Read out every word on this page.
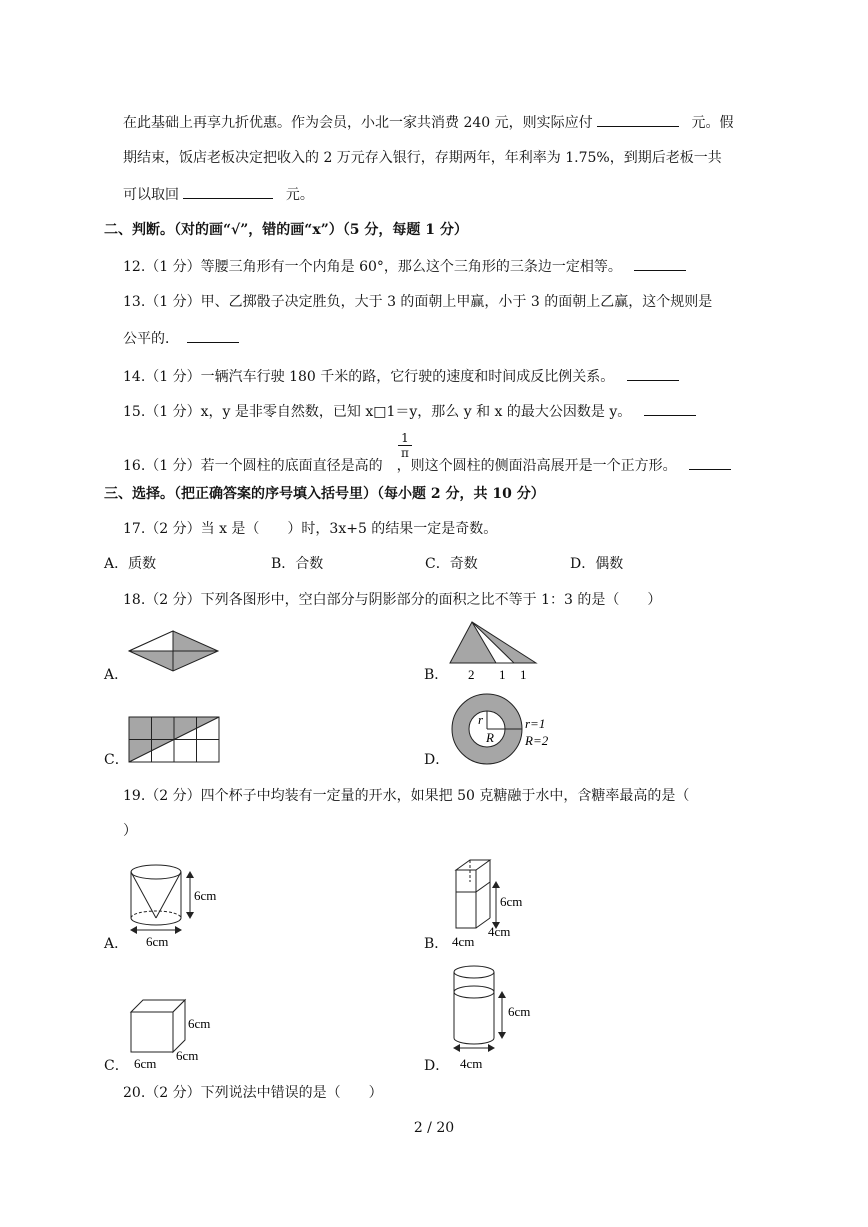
在此基础上再享九折优惠。作为会员，小北一家共消费 240 元，则实际应付	元。假
期结束，饭店老板决定把收入的 2 万元存入银行，存期两年，年利率为 1.75%，到期后老板一共
可以取回	元。
二、判断。（对的画“√”，错的画“x”）（5 分，每题 1 分）
12.（1 分）等腰三角形有一个内角是 60°，那么这个三角形的三条边一定相等。
13.（1 分）甲、乙掷骰子决定胜负，大于 3 的面朝上甲赢，小于 3 的面朝上乙赢，这个规则是
公平的．
14.（1 分）一辆汽车行驶 180 千米的路，它行驶的速度和时间成反比例关系。
15.（1 分）x，y 是非零自然数，已知 x□1＝y，那么 y 和 x 的最大公因数是 y。
$\frac{1}{\pi}$
16.（1 分）若一个圆柱的底面直径是高的 ，则这个圆柱的侧面沿高展开是一个正方形。
三、选择。（把正确答案的序号填入括号里）（每小题 2 分，共 10 分）
17.（2 分）当 x 是（　　）时，3x+5 的结果一定是奇数。
A．质数	B．合数	C．奇数	D．偶数
18.（2 分）下列各图形中，空白部分与阴影部分的面积之比不等于 1：3 的是（　　）
A．	B． 2 1 1
C．	D．
r
R
r=1
R=2
19.（2 分）四个杯子中均装有一定量的开水，如果把 50 克糖融于水中，含糖率最高的是（
）
A．
6cm
6cm	B．
6cm
4cm
4cm
C．
6cm
6cm
6cm
D．
6cm
4cm
20.（2 分）下列说法中错误的是（　　）
2 / 20
